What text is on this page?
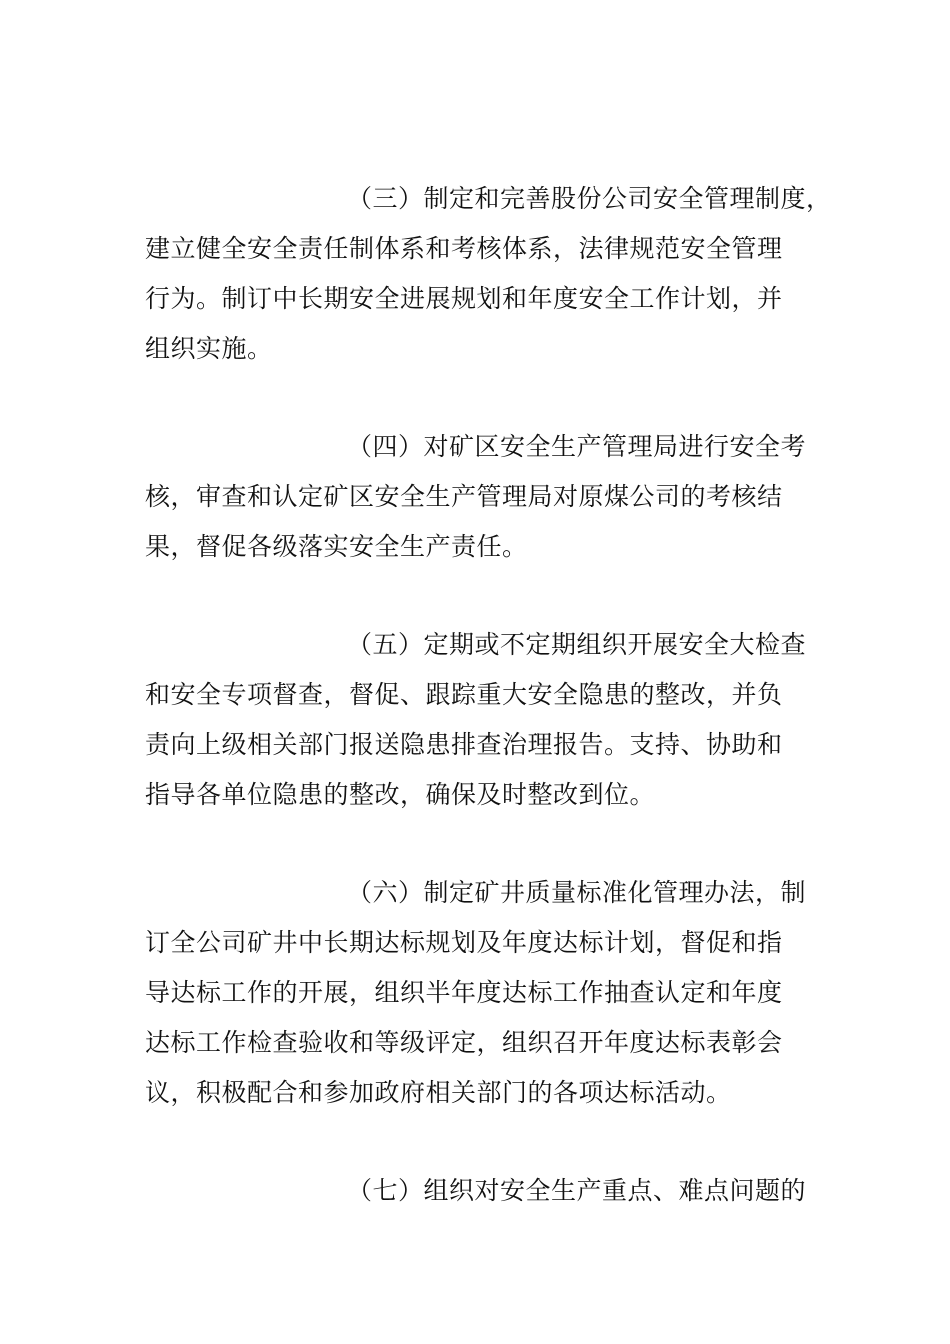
（三）制定和完善股份公司安全管理制度，
建立健全安全责任制体系和考核体系，法律规范安全管理
行为。制订中长期安全进展规划和年度安全工作计划，并
组织实施。
（四）对矿区安全生产管理局进行安全考
核，审查和认定矿区安全生产管理局对原煤公司的考核结
果，督促各级落实安全生产责任。
（五）定期或不定期组织开展安全大检查
和安全专项督查，督促、跟踪重大安全隐患的整改，并负
责向上级相关部门报送隐患排查治理报告。支持、协助和
指导各单位隐患的整改，确保及时整改到位。
（六）制定矿井质量标准化管理办法，制
订全公司矿井中长期达标规划及年度达标计划，督促和指
导达标工作的开展，组织半年度达标工作抽查认定和年度
达标工作检查验收和等级评定，组织召开年度达标表彰会
议，积极配合和参加政府相关部门的各项达标活动。
（七）组织对安全生产重点、难点问题的
